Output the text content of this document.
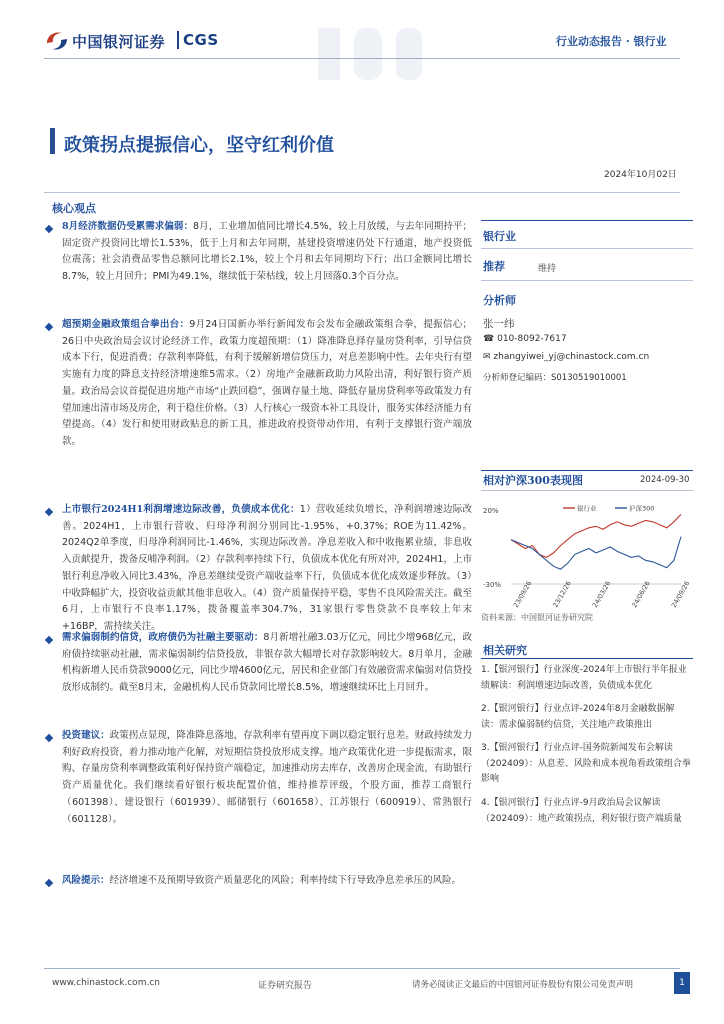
中国银河证券	CGS	行业动态报告 · 银行业
政策拐点提振信心，坚守红利价值
2024年10月02日
核心观点
8月经济数据仍受累需求偏弱：8月，工业增加值同比增长4.5%，较上月放缓，与去年同期持平；固定资产投资同比增长1.53%，低于上月和去年同期，基建投资增速仍处下行通道，地产投资低位震荡；社会消费品零售总额同比增长2.1%，较上个月和去年同期均下行；出口金额同比增长8.7%，较上月回升；PMI为49.1%，继续低于荣枯线，较上月回落0.3个百分点。
超预期金融政策组合拳出台：9月24日国新办举行新闻发布会发布金融政策组合拳，提振信心；26日中央政治局会议讨论经济工作，政策力度超预期：（1）降准降息择存量房贷利率，引导信贷成本下行，促进消费；存款利率降低，有利于缓解新增信贷压力，对息差影响中性。去年央行有望实施有力度的降息支持经济增速维5需求。（2）房地产金融新政助力风险出清，利好银行资产质量。政治局会议首提促进房地产市场“止跌回稳”，强调存量土地、降低存量房贷利率等政策发力有望加速出清市场及房企，利于稳住价格。（3）人行核心一级资本补工具设计，服务实体经济能力有望提高。（4）发行和使用财政贴息的新工具，推进政府投资带动作用，有利于支撑银行资产端放款。
上市银行2024H1利润增速边际改善，负债成本优化：1）营收延续负增长，净利润增速边际改善。2024H1，上市银行营收、归母净利润分别同比-1.95%、+0.37%；ROE为11.42%。2024Q2单季度，归母净利润同比-1.46%，实现边际改善。净息差收入和中收拖累业绩，非息收入贡献提升，拨备反哺净利润。（2）存款利率持续下行，负债成本优化有所对冲，2024H1，上市银行利息净收入同比3.43%，净息差继续受资产端收益率下行，负债成本优化成效逐步释放。（3）中收降幅扩大，投资收益贡献其他非息收入。（4）资产质量保持平稳，零售不良风险需关注。截至6月，上市银行不良率1.17%，拨备覆盖率304.7%，31家银行零售贷款不良率较上年末+16BP，需持续关注。
需求偏弱制约信贷，政府债仍为社融主要驱动：8月新增社融3.03万亿元，同比少增968亿元，政府债持续驱动社融，需求偏弱制约信贷投放，非银存款大幅增长对存款影响较大。8月单月，金融机构新增人民币贷款9000亿元，同比少增4600亿元，居民和企业部门有效融资需求偏弱对信贷投放形成制约。截至8月末，金融机构人民币贷款同比增长8.5%，增速继续环比上月回升。
投资建议：政策拐点显现，降准降息落地，存款利率有望再度下调以稳定银行息差。财政持续发力利好政府投资，着力推动地产化解，对短期信贷投放形成支撑。地产政策优化进一步提振需求，限购、存量房贷利率调整政策利好保持资产端稳定，加速推动房去库存，改善房企现金流，有助银行资产质量优化。我们继续看好银行板块配置价值，维持推荐评级，个股方面，推荐工商银行（601398）、建设银行（601939）、邮储银行（601658）、江苏银行（600919）、常熟银行（601128）。
风险提示：经济增速不及预期导致资产质量恶化的风险；利率持续下行导致净息差承压的风险。
银行业
推荐	维持
分析师
张一纬
☎ 010-8092-7617
✉ zhangyiwei_yj@chinastock.com.cn
分析师登记编码：S0130519010001
相对沪深300表现图	2024-09-30
20%
-30%
银行业	沪深300
23/09/26	23/12/26	24/03/26	24/06/26	24/09/26
资料来源：中国银河证券研究院
相关研究
1.【银河银行】行业深度-2024年上市银行半年报业绩解读：利润增速边际改善，负债成本优化
2.【银河银行】行业点评-2024年8月金融数据解读：需求偏弱制约信贷，关注地产政策推出
3.【银河银行】行业点评-国务院新闻发布会解读（202409）：从息差、风险和成本视角看政策组合拳影响
4.【银河银行】行业点评-9月政治局会议解读（202409）：地产政策拐点，利好银行资产端质量
www.chinastock.com.cn	证券研究报告	请务必阅读正文最后的中国银河证券股份有限公司免责声明	1
